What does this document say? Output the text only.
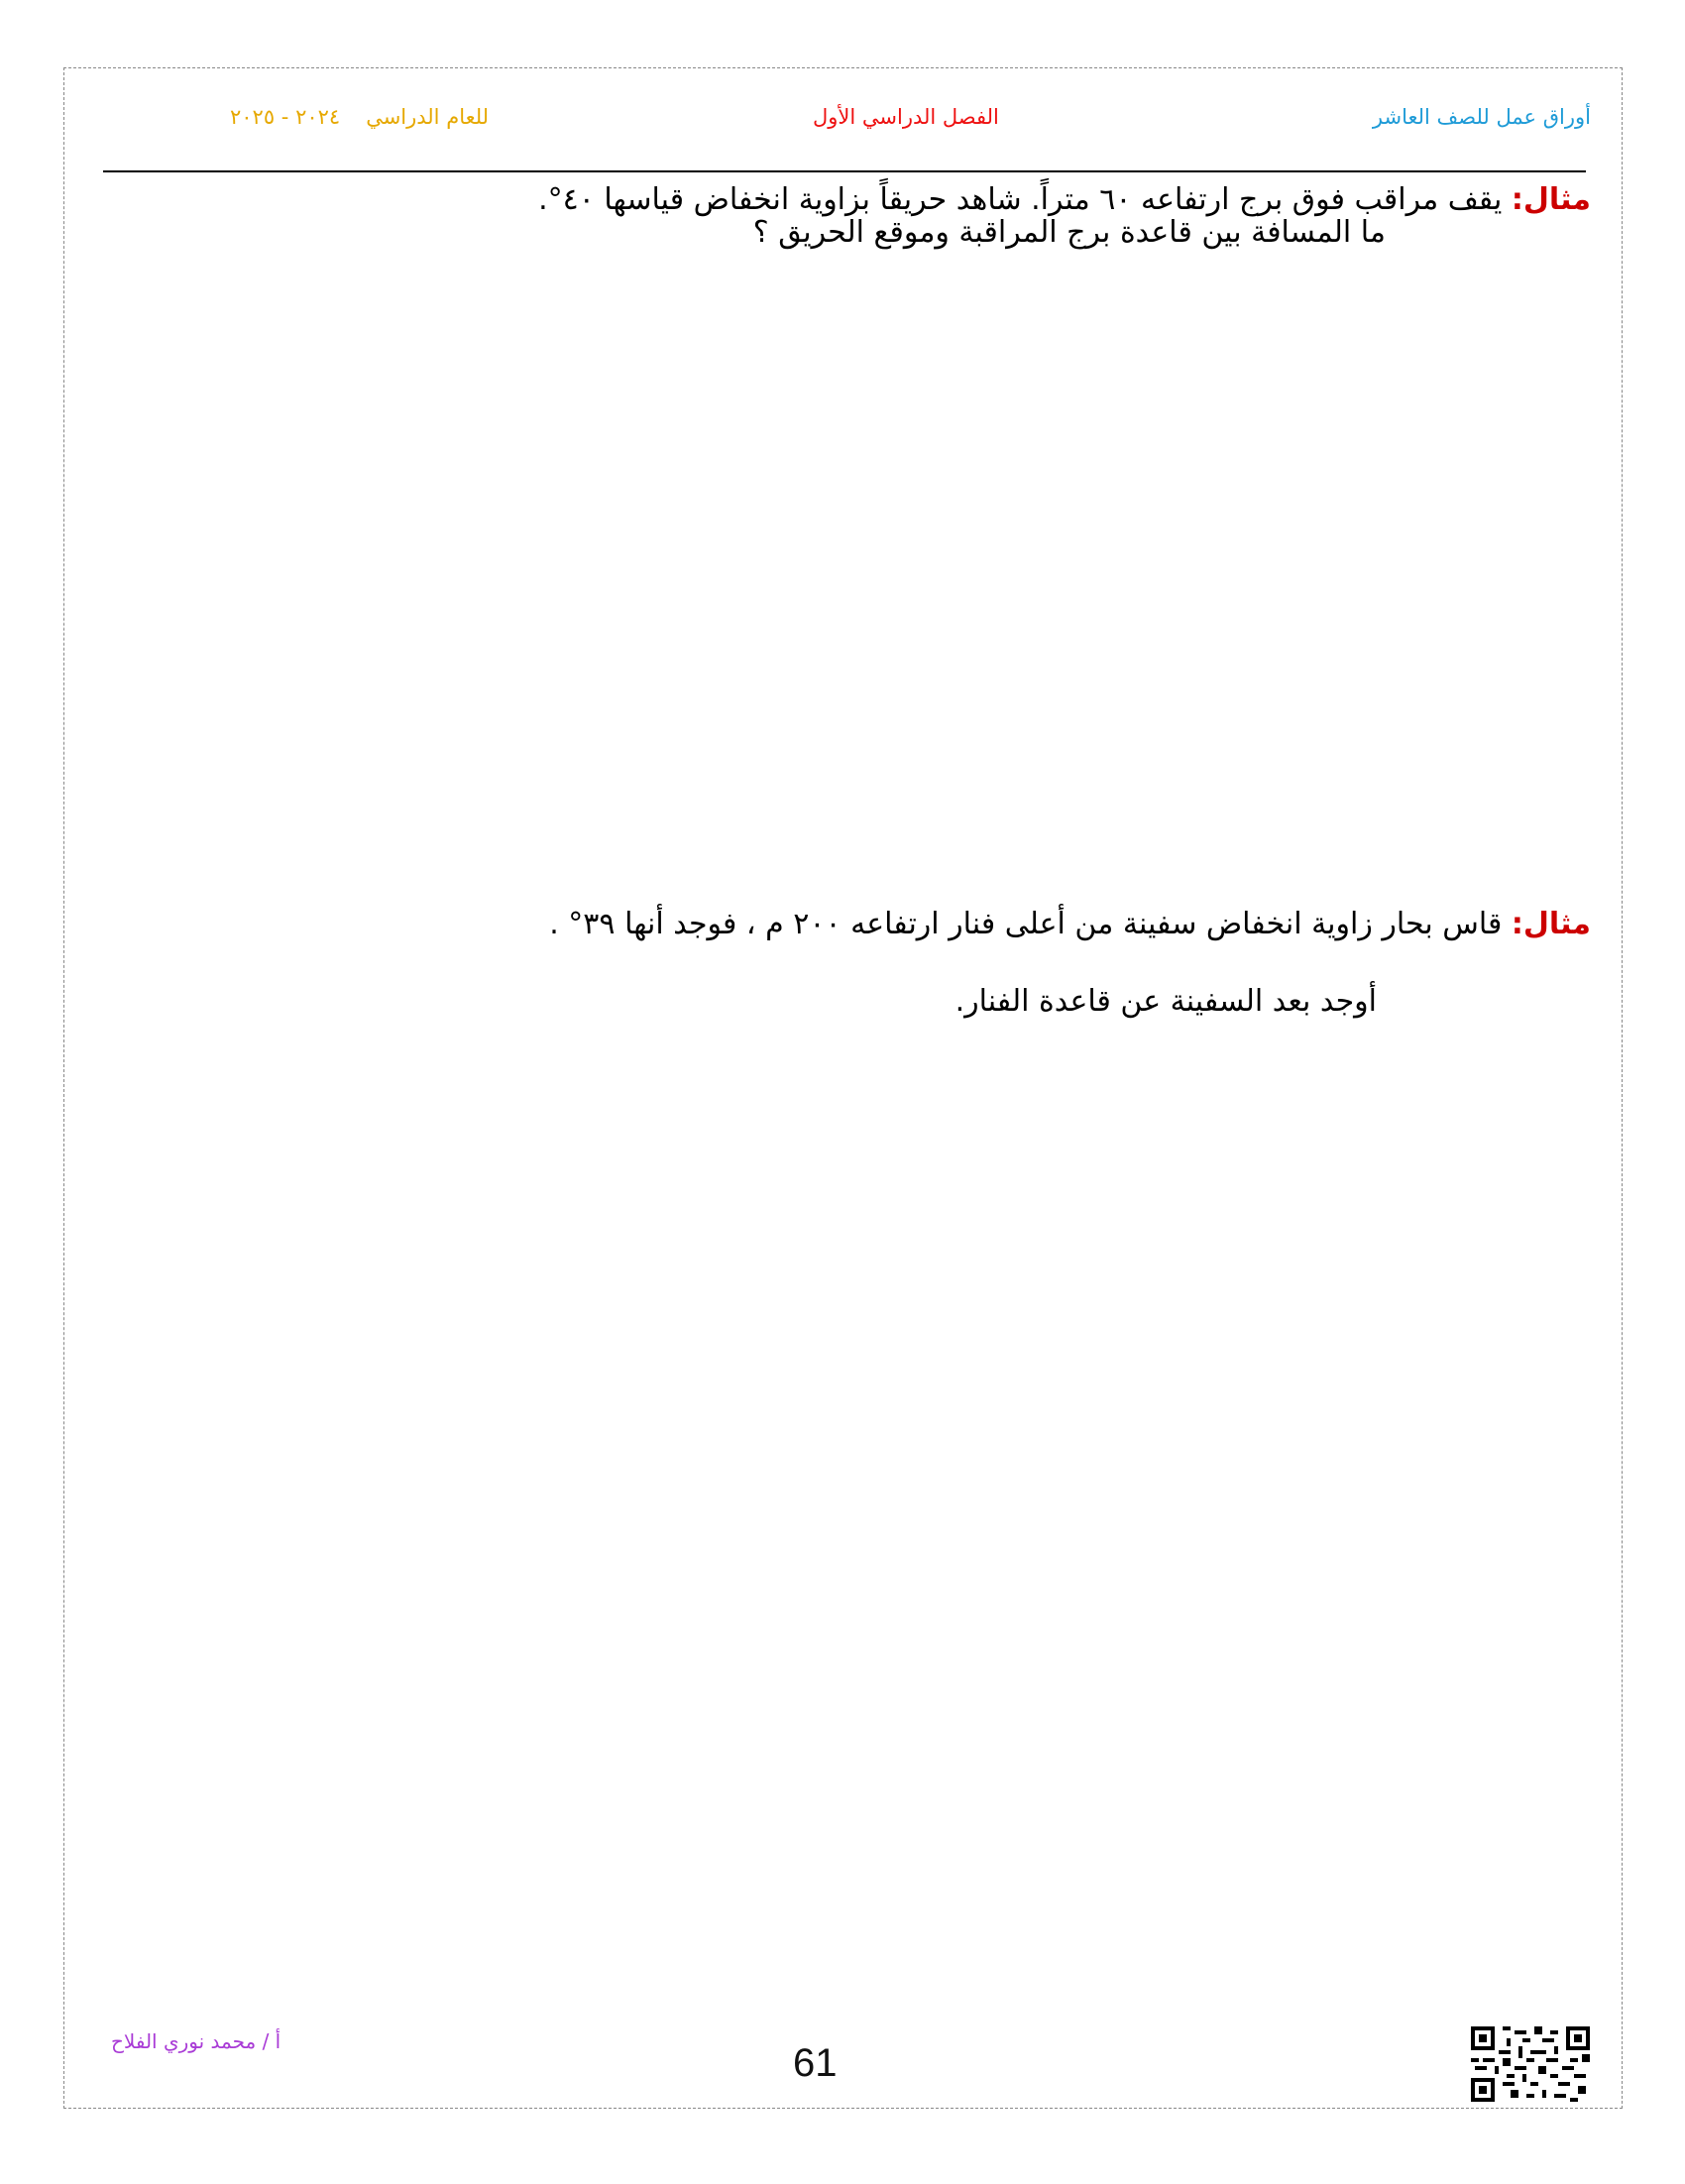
أوراق عمل للصف العاشر
الفصل الدراسي الأول
للعام الدراسي٢٠٢٤ - ٢٠٢٥
مثال: يقف مراقب فوق برج ارتفاعه ٦٠ متراً. شاهد حريقاً بزاوية انخفاض قياسها ٤٠°.
ما المسافة بين قاعدة برج المراقبة وموقع الحريق ؟
مثال: قاس بحار زاوية انخفاض سفينة من أعلى فنار ارتفاعه ٢٠٠ م ، فوجد أنها ٣٩° .
أوجد بعد السفينة عن قاعدة الفنار.
أ / محمد نوري الفلاح	61
